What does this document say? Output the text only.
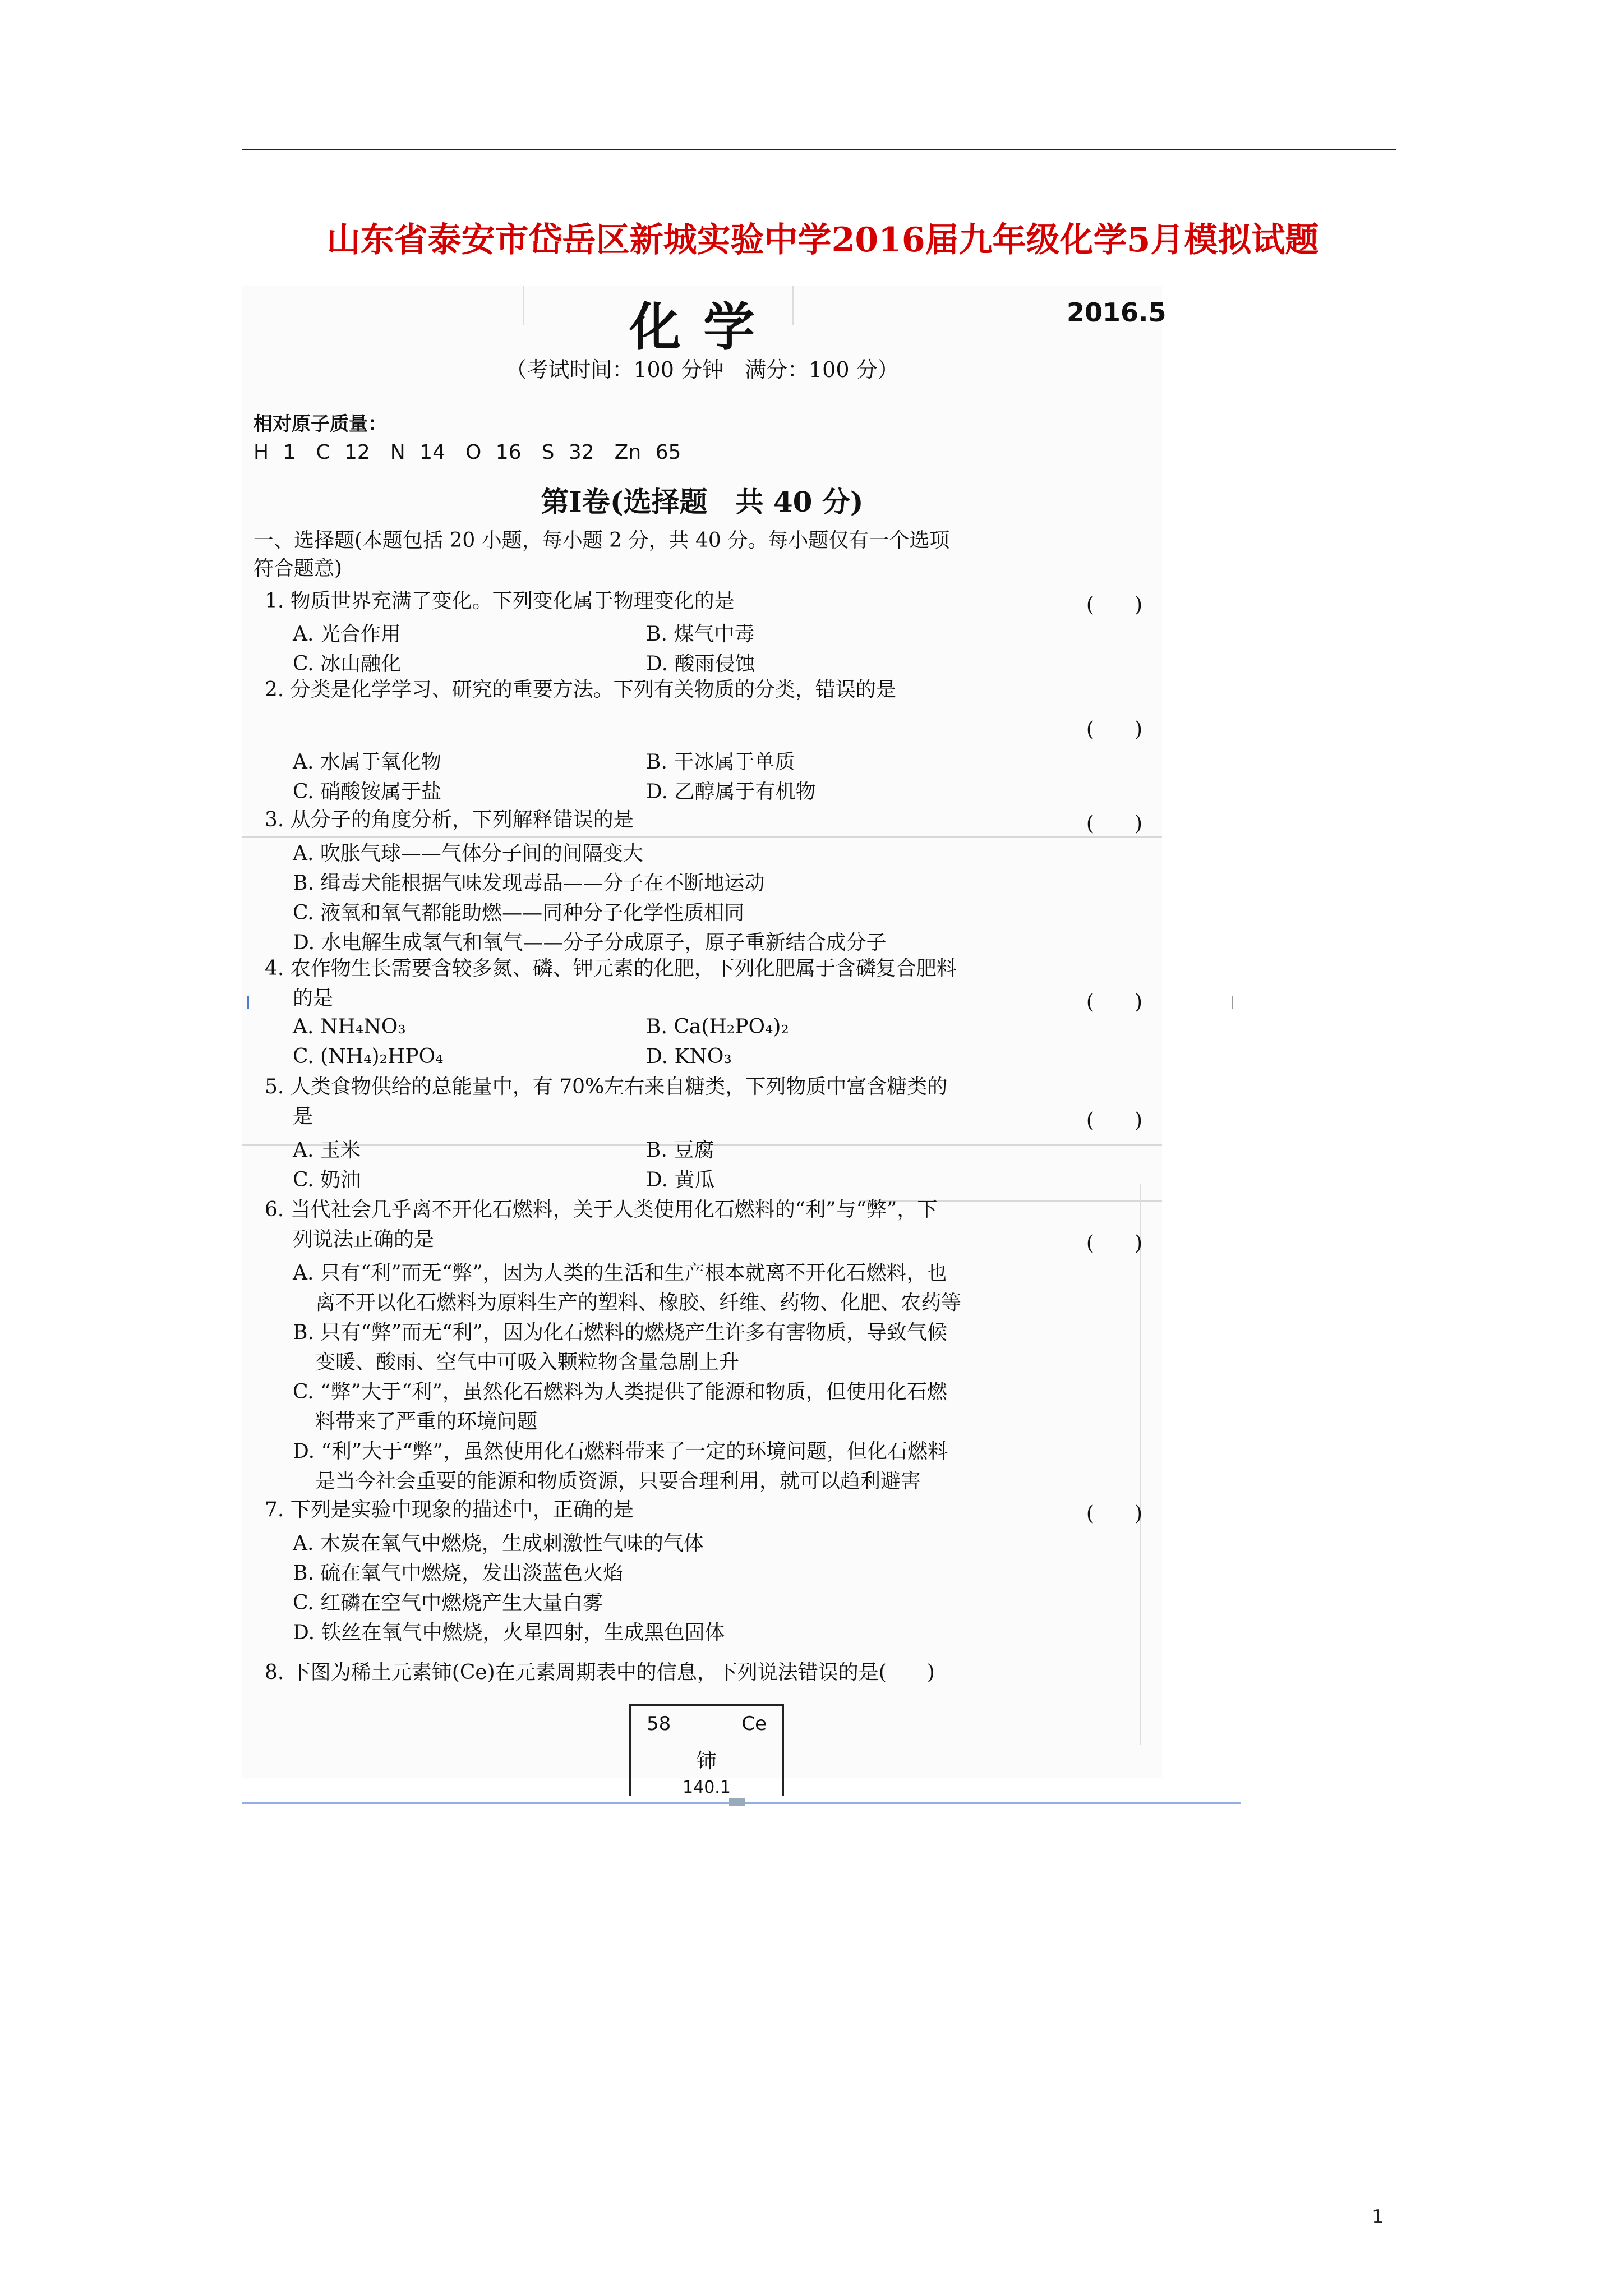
山东省泰安市岱岳区新城实验中学2016届九年级化学5月模拟试题
化学	2016.5
（考试时间：100 分钟　满分：100 分）
相对原子质量：
H 1　C 12　N 14　O 16　S 32　Zn 65
第Ⅰ卷(选择题　共 40 分)
一、选择题(本题包括 20 小题，每小题 2 分，共 40 分。每小题仅有一个选项
符合题意)
1. 物质世界充满了变化。下列变化属于物理变化的是	(　　)
A. 光合作用	B. 煤气中毒
C. 冰山融化	D. 酸雨侵蚀
2. 分类是化学学习、研究的重要方法。下列有关物质的分类，错误的是
(　　)
A. 水属于氧化物	B. 干冰属于单质
C. 硝酸铵属于盐	D. 乙醇属于有机物
3. 从分子的角度分析，下列解释错误的是	(　　)
A. 吹胀气球——气体分子间的间隔变大
B. 缉毒犬能根据气味发现毒品——分子在不断地运动
C. 液氧和氧气都能助燃——同种分子化学性质相同
D. 水电解生成氢气和氧气——分子分成原子，原子重新结合成分子
4. 农作物生长需要含较多氮、磷、钾元素的化肥，下列化肥属于含磷复合肥料
的是	(　　)
A. NH₄NO₃	B. Ca(H₂PO₄)₂
C. (NH₄)₂HPO₄	D. KNO₃
5. 人类食物供给的总能量中，有 70%左右来自糖类，下列物质中富含糖类的
是	(　　)
A. 玉米	B. 豆腐
C. 奶油	D. 黄瓜
6. 当代社会几乎离不开化石燃料，关于人类使用化石燃料的“利”与“弊”，下
列说法正确的是	(　　)
A. 只有“利”而无“弊”，因为人类的生活和生产根本就离不开化石燃料，也
离不开以化石燃料为原料生产的塑料、橡胶、纤维、药物、化肥、农药等
B. 只有“弊”而无“利”，因为化石燃料的燃烧产生许多有害物质，导致气候
变暖、酸雨、空气中可吸入颗粒物含量急剧上升
C. “弊”大于“利”，虽然化石燃料为人类提供了能源和物质，但使用化石燃
料带来了严重的环境问题
D. “利”大于“弊”，虽然使用化石燃料带来了一定的环境问题，但化石燃料
是当今社会重要的能源和物质资源，只要合理利用，就可以趋利避害
7. 下列是实验中现象的描述中，正确的是	(　　)
A. 木炭在氧气中燃烧，生成刺激性气味的气体
B. 硫在氧气中燃烧，发出淡蓝色火焰
C. 红磷在空气中燃烧产生大量白雾
D. 铁丝在氧气中燃烧，火星四射，生成黑色固体
8. 下图为稀土元素铈(Ce)在元素周期表中的信息，下列说法错误的是(　　)
58	Ce
铈
140.1
1
